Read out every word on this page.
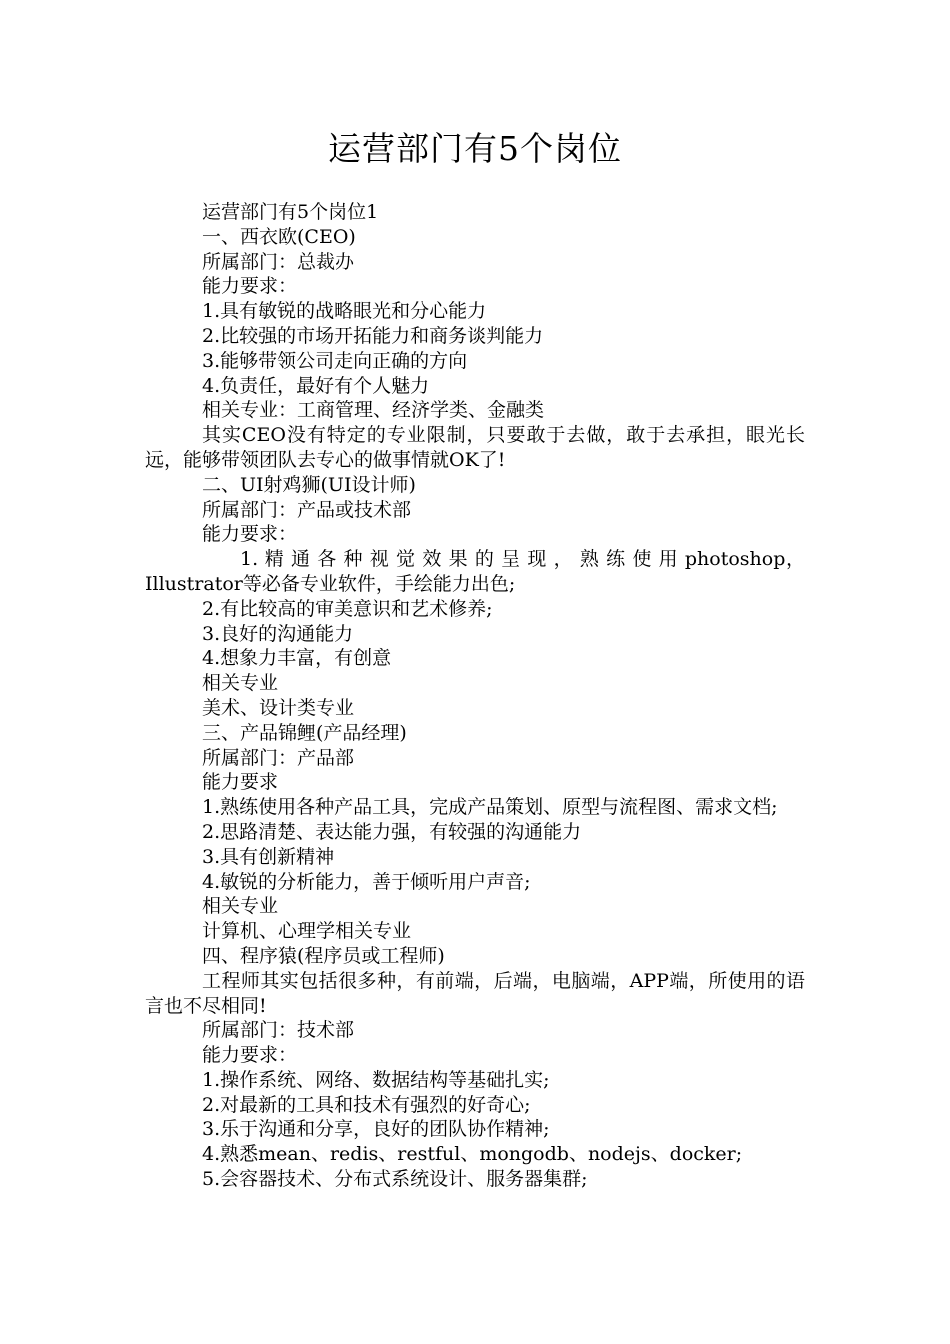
运营部门有5个岗位

运营部门有5个岗位1

一、西衣欧(CEO)

所属部门：总裁办

能力要求：

1.具有敏锐的战略眼光和分心能力

2.比较强的市场开拓能力和商务谈判能力

3.能够带领公司走向正确的方向

4.负责任，最好有个人魅力

相关专业：工商管理、经济学类、金融类

其实CEO没有特定的专业限制，只要敢于去做，敢于去承担，眼光长远，能够带领团队去专心的做事情就OK了!

二、UI射鸡狮(UI设计师)

所属部门：产品或技术部

能力要求：

1. 精 通 各 种 视 觉 效 果 的 呈 现 ， 熟 练 使 用 photoshop，Illustrator等必备专业软件，手绘能力出色;

2.有比较高的审美意识和艺术修养;

3.良好的沟通能力

4.想象力丰富，有创意

相关专业

美术、设计类专业

三、产品锦鲤(产品经理)

所属部门：产品部

能力要求

1.熟练使用各种产品工具，完成产品策划、原型与流程图、需求文档;

2.思路清楚、表达能力强，有较强的沟通能力

3.具有创新精神

4.敏锐的分析能力，善于倾听用户声音;

相关专业

计算机、心理学相关专业

四、程序猿(程序员或工程师)

工程师其实包括很多种，有前端，后端，电脑端，APP端，所使用的语言也不尽相同!

所属部门：技术部

能力要求：

1.操作系统、网络、数据结构等基础扎实;

2.对最新的工具和技术有强烈的好奇心;

3.乐于沟通和分享，良好的团队协作精神;

4.熟悉mean、redis、restful、mongodb、nodejs、docker;

5.会容器技术、分布式系统设计、服务器集群;
